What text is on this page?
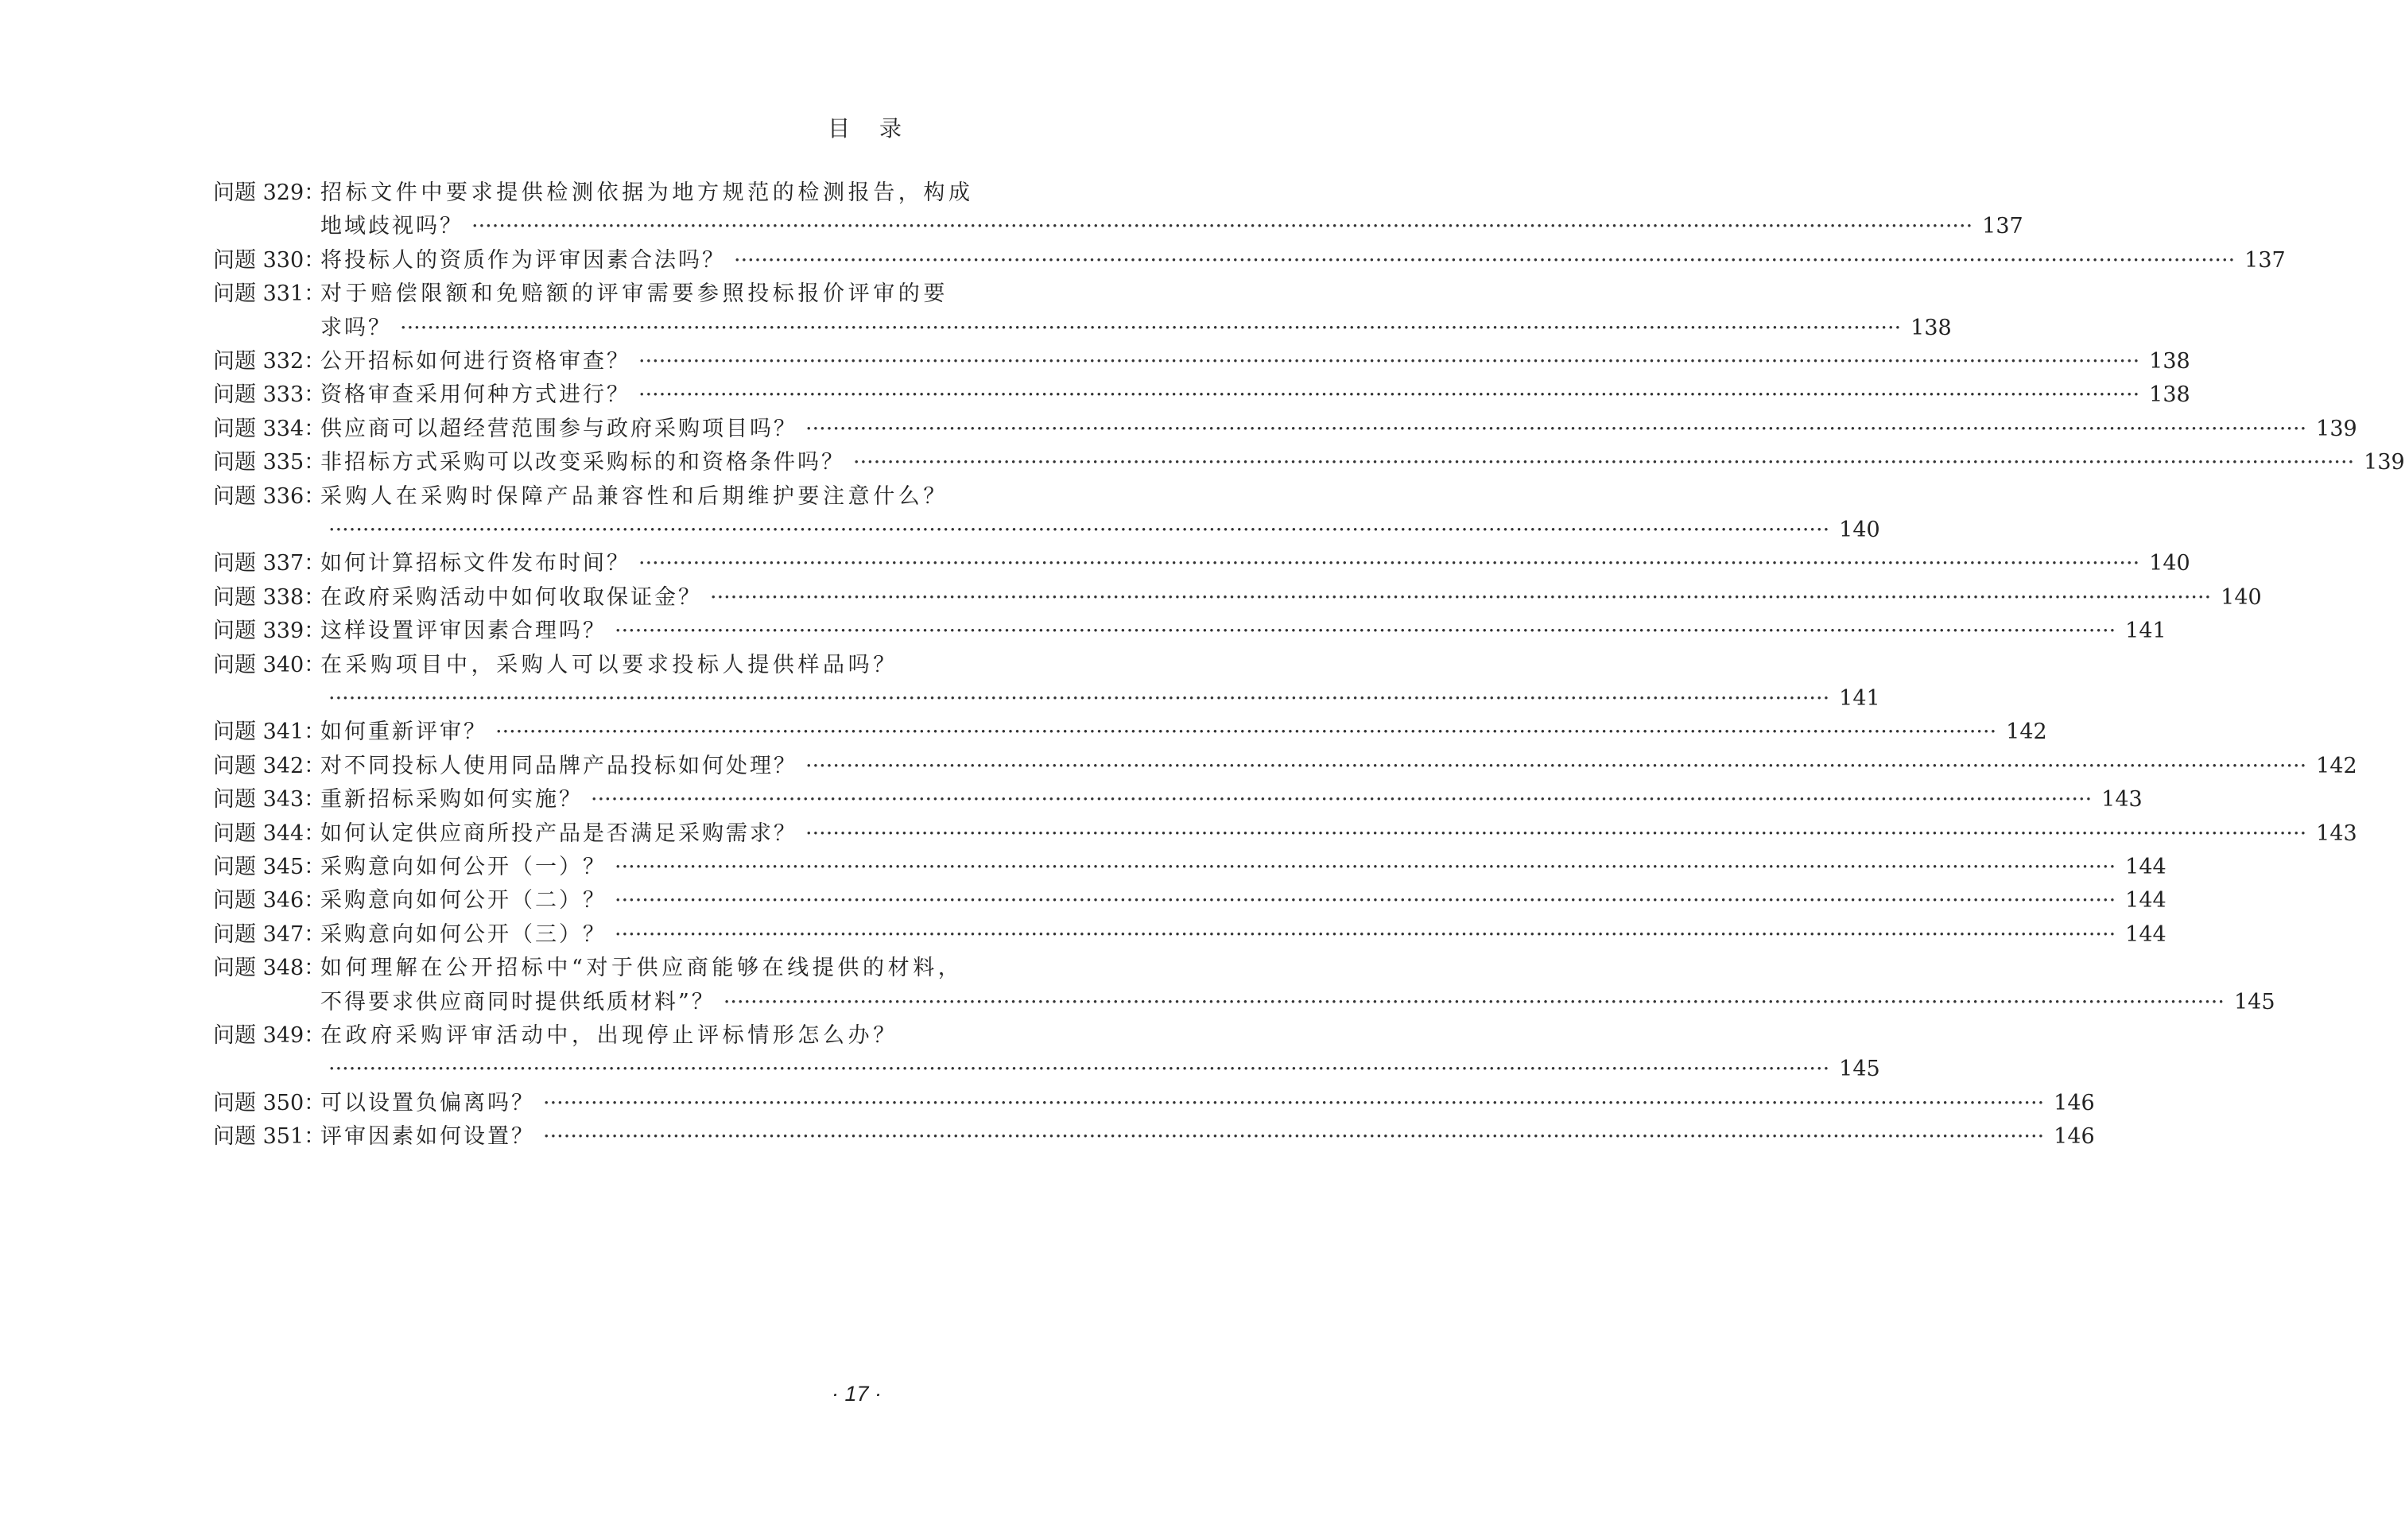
目 录
问题 329：
招标文件中要求提供检测依据为地方规范的检测报告，构成
地域歧视吗？ ···························································································································································································································· 137
问题 330：
将投标人的资质作为评审因素合法吗？ ···························································································································································································································· 137
问题 331：
对于赔偿限额和免赔额的评审需要参照投标报价评审的要
求吗？ ···························································································································································································································· 138
问题 332：
公开招标如何进行资格审查？ ···························································································································································································································· 138
问题 333：
资格审查采用何种方式进行？ ···························································································································································································································· 138
问题 334：
供应商可以超经营范围参与政府采购项目吗？ ···························································································································································································································· 139
问题 335：
非招标方式采购可以改变采购标的和资格条件吗？ ···························································································································································································································· 139
问题 336：
采购人在采购时保障产品兼容性和后期维护要注意什么？
···························································································································································································································· 140
问题 337：
如何计算招标文件发布时间？ ···························································································································································································································· 140
问题 338：
在政府采购活动中如何收取保证金？ ···························································································································································································································· 140
问题 339：
这样设置评审因素合理吗？ ···························································································································································································································· 141
问题 340：
在采购项目中，采购人可以要求投标人提供样品吗？
···························································································································································································································· 141
问题 341：
如何重新评审？ ···························································································································································································································· 142
问题 342：
对不同投标人使用同品牌产品投标如何处理？ ···························································································································································································································· 142
问题 343：
重新招标采购如何实施？ ···························································································································································································································· 143
问题 344：
如何认定供应商所投产品是否满足采购需求？ ···························································································································································································································· 143
问题 345：
采购意向如何公开（一）？ ···························································································································································································································· 144
问题 346：
采购意向如何公开（二）？ ···························································································································································································································· 144
问题 347：
采购意向如何公开（三）？ ···························································································································································································································· 144
问题 348：
如何理解在公开招标中“对于供应商能够在线提供的材料，
不得要求供应商同时提供纸质材料”？ ···························································································································································································································· 145
问题 349：
在政府采购评审活动中，出现停止评标情形怎么办？
···························································································································································································································· 145
问题 350：
可以设置负偏离吗？ ···························································································································································································································· 146
问题 351：
评审因素如何设置？ ···························································································································································································································· 146
· 17 ·
